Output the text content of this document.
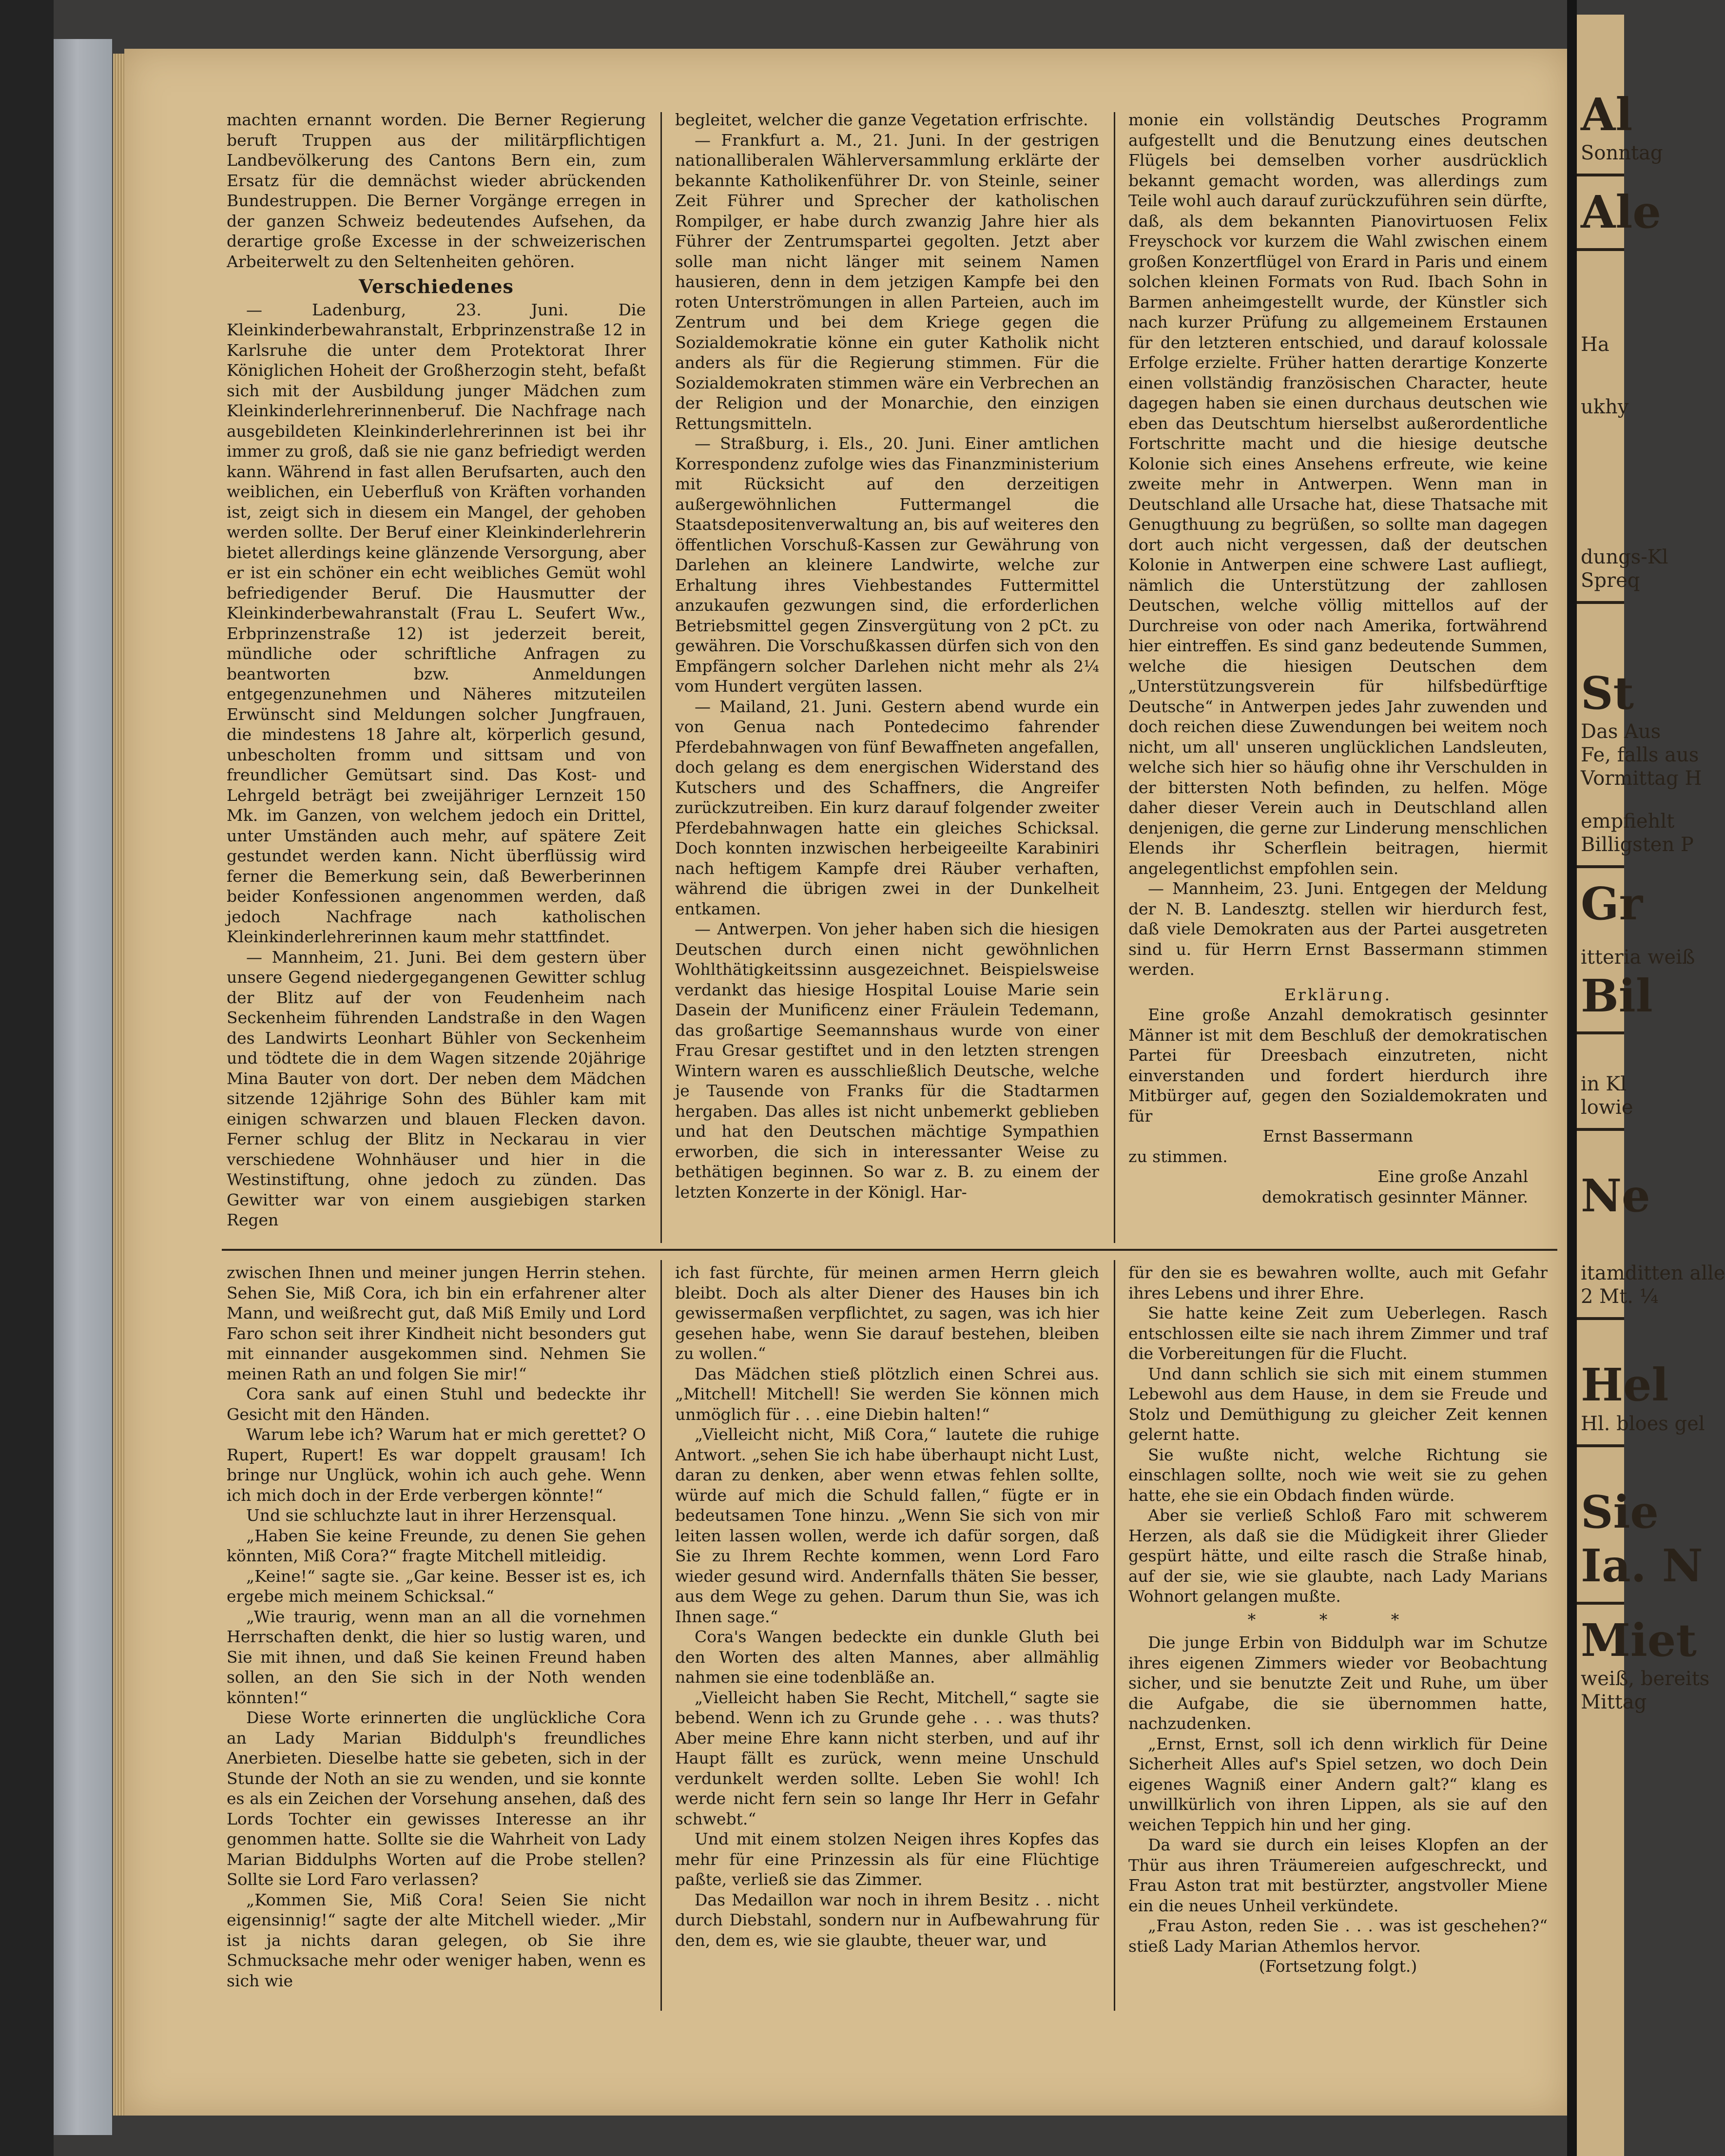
Al
Sonntag
Ale
Ha
ukhy
dungs-Kl
Spreq
St
Das Aus
Fe, falls aus
Vormittag H
empfiehlt
Billigsten P
Gr
itteria weiß
Bil
in Kl
lowie
Ne
itamditten alle
2 Mt. ¼
Hel
Hl. bloes gel
Sie
Ia. N
Miet
weiß, bereits
Mittag

machten ernannt worden. Die Berner Regierung beruft Truppen aus der militärpflichtigen Landbevölkerung des Cantons Bern ein, zum Ersatz für die demnächst wieder abrückenden Bundestruppen. Die Berner Vorgänge erregen in der ganzen Schweiz bedeutendes Aufsehen, da derartige große Excesse in der schweizerischen Arbeiterwelt zu den Seltenheiten gehören.

Verschiedenes

— Ladenburg, 23. Juni. Die Kleinkinderbewahranstalt, Erbprinzenstraße 12 in Karlsruhe die unter dem Protektorat Ihrer Königlichen Hoheit der Großherzogin steht, befaßt sich mit der Ausbildung junger Mädchen zum Kleinkinderlehrerinnenberuf. Die Nachfrage nach ausgebildeten Kleinkinderlehrerinnen ist bei ihr immer zu groß, daß sie nie ganz befriedigt werden kann. Während in fast allen Berufsarten, auch den weiblichen, ein Ueberfluß von Kräften vorhanden ist, zeigt sich in diesem ein Mangel, der gehoben werden sollte. Der Beruf einer Kleinkinderlehrerin bietet allerdings keine glänzende Versorgung, aber er ist ein schöner ein echt weibliches Gemüt wohl befriedigender Beruf. Die Hausmutter der Kleinkinderbewahranstalt (Frau L. Seufert Ww., Erbprinzenstraße 12) ist jederzeit bereit, mündliche oder schriftliche Anfragen zu beantworten bzw. Anmeldungen entgegenzunehmen und Näheres mitzuteilen Erwünscht sind Meldungen solcher Jungfrauen, die mindestens 18 Jahre alt, körperlich gesund, unbescholten fromm und sittsam und von freundlicher Gemütsart sind. Das Kost- und Lehrgeld beträgt bei zweijähriger Lernzeit 150 Mk. im Ganzen, von welchem jedoch ein Drittel, unter Umständen auch mehr, auf spätere Zeit gestundet werden kann. Nicht überflüssig wird ferner die Bemerkung sein, daß Bewerberinnen beider Konfessionen angenommen werden, daß jedoch Nachfrage nach katholischen Kleinkinderlehrerinnen kaum mehr stattfindet.

— Mannheim, 21. Juni. Bei dem gestern über unsere Gegend niedergegangenen Gewitter schlug der Blitz auf der von Feudenheim nach Seckenheim führenden Landstraße in den Wagen des Landwirts Leonhart Bühler von Seckenheim und tödtete die in dem Wagen sitzende 20jährige Mina Bauter von dort. Der neben dem Mädchen sitzende 12jährige Sohn des Bühler kam mit einigen schwarzen und blauen Flecken davon. Ferner schlug der Blitz in Neckarau in vier verschiedene Wohnhäuser und hier in die Westinstiftung, ohne jedoch zu zünden. Das Gewitter war von einem ausgiebigen starken Regen

begleitet, welcher die ganze Vegetation erfrischte.

— Frankfurt a. M., 21. Juni. In der gestrigen nationalliberalen Wählerversammlung erklärte der bekannte Katholikenführer Dr. von Steinle, seiner Zeit Führer und Sprecher der katholischen Rompilger, er habe durch zwanzig Jahre hier als Führer der Zentrumspartei gegolten. Jetzt aber solle man nicht länger mit seinem Namen hausieren, denn in dem jetzigen Kampfe bei den roten Unterströmungen in allen Parteien, auch im Zentrum und bei dem Kriege gegen die Sozialdemokratie könne ein guter Katholik nicht anders als für die Regierung stimmen. Für die Sozialdemokraten stimmen wäre ein Verbrechen an der Religion und der Monarchie, den einzigen Rettungsmitteln.

— Straßburg, i. Els., 20. Juni. Einer amtlichen Korrespondenz zufolge wies das Finanzministerium mit Rücksicht auf den derzeitigen außergewöhnlichen Futtermangel die Staatsdepositenverwaltung an, bis auf weiteres den öffentlichen Vorschuß-Kassen zur Gewährung von Darlehen an kleinere Landwirte, welche zur Erhaltung ihres Viehbestandes Futtermittel anzukaufen gezwungen sind, die erforderlichen Betriebsmittel gegen Zinsvergütung von 2 pCt. zu gewähren. Die Vorschußkassen dürfen sich von den Empfängern solcher Darlehen nicht mehr als 2¼ vom Hundert vergüten lassen.

— Mailand, 21. Juni. Gestern abend wurde ein von Genua nach Pontedecimo fahrender Pferdebahnwagen von fünf Bewaffneten angefallen, doch gelang es dem energischen Widerstand des Kutschers und des Schaffners, die Angreifer zurückzutreiben. Ein kurz darauf folgender zweiter Pferdebahnwagen hatte ein gleiches Schicksal. Doch konnten inzwischen herbeigeeilte Karabiniri nach heftigem Kampfe drei Räuber verhaften, während die übrigen zwei in der Dunkelheit entkamen.

— Antwerpen. Von jeher haben sich die hiesigen Deutschen durch einen nicht gewöhnlichen Wohlthätigkeitssinn ausgezeichnet. Beispielsweise verdankt das hiesige Hospital Louise Marie sein Dasein der Munificenz einer Fräulein Tedemann, das großartige Seemannshaus wurde von einer Frau Gresar gestiftet und in den letzten strengen Wintern waren es ausschließlich Deutsche, welche je Tausende von Franks für die Stadtarmen hergaben. Das alles ist nicht unbemerkt geblieben und hat den Deutschen mächtige Sympathien erworben, die sich in interessanter Weise zu bethätigen beginnen. So war z. B. zu einem der letzten Konzerte in der Königl. Har-

monie ein vollständig Deutsches Programm aufgestellt und die Benutzung eines deutschen Flügels bei demselben vorher ausdrücklich bekannt gemacht worden, was allerdings zum Teile wohl auch darauf zurückzuführen sein dürfte, daß, als dem bekannten Pianovirtuosen Felix Freyschock vor kurzem die Wahl zwischen einem großen Konzertflügel von Erard in Paris und einem solchen kleinen Formats von Rud. Ibach Sohn in Barmen anheimgestellt wurde, der Künstler sich nach kurzer Prüfung zu allgemeinem Erstaunen für den letzteren entschied, und darauf kolossale Erfolge erzielte. Früher hatten derartige Konzerte einen vollständig französischen Character, heute dagegen haben sie einen durchaus deutschen wie eben das Deutschtum hierselbst außerordentliche Fortschritte macht und die hiesige deutsche Kolonie sich eines Ansehens erfreute, wie keine zweite mehr in Antwerpen. Wenn man in Deutschland alle Ursache hat, diese Thatsache mit Genugthuung zu begrüßen, so sollte man dagegen dort auch nicht vergessen, daß der deutschen Kolonie in Antwerpen eine schwere Last aufliegt, nämlich die Unterstützung der zahllosen Deutschen, welche völlig mittellos auf der Durchreise von oder nach Amerika, fortwährend hier eintreffen. Es sind ganz bedeutende Summen, welche die hiesigen Deutschen dem „Unterstützungsverein für hilfsbedürftige Deutsche“ in Antwerpen jedes Jahr zuwenden und doch reichen diese Zuwendungen bei weitem noch nicht, um all' unseren unglücklichen Landsleuten, welche sich hier so häufig ohne ihr Verschulden in der bittersten Noth befinden, zu helfen. Möge daher dieser Verein auch in Deutschland allen denjenigen, die gerne zur Linderung menschlichen Elends ihr Scherflein beitragen, hiermit angelegentlichst empfohlen sein.

— Mannheim, 23. Juni. Entgegen der Meldung der N. B. Landesztg. stellen wir hierdurch fest, daß viele Demokraten aus der Partei ausgetreten sind u. für Herrn Ernst Bassermann stimmen werden.

Erklärung.

Eine große Anzahl demokratisch gesinnter Männer ist mit dem Beschluß der demokratischen Partei für Dreesbach einzutreten, nicht einverstanden und fordert hierdurch ihre Mitbürger auf, gegen den Sozialdemokraten und für

Ernst Bassermann

zu stimmen.

Eine große Anzahl

demokratisch gesinnter Männer.

zwischen Ihnen und meiner jungen Herrin stehen. Sehen Sie, Miß Cora, ich bin ein erfahrener alter Mann, und weißrecht gut, daß Miß Emily und Lord Faro schon seit ihrer Kindheit nicht besonders gut mit einnander ausgekommen sind. Nehmen Sie meinen Rath an und folgen Sie mir!“

Cora sank auf einen Stuhl und bedeckte ihr Gesicht mit den Händen.

Warum lebe ich? Warum hat er mich gerettet? O Rupert, Rupert! Es war doppelt grausam! Ich bringe nur Unglück, wohin ich auch gehe. Wenn ich mich doch in der Erde verbergen könnte!“

Und sie schluchzte laut in ihrer Herzensqual.

„Haben Sie keine Freunde, zu denen Sie gehen könnten, Miß Cora?“ fragte Mitchell mitleidig.

„Keine!“ sagte sie. „Gar keine. Besser ist es, ich ergebe mich meinem Schicksal.“

„Wie traurig, wenn man an all die vornehmen Herrschaften denkt, die hier so lustig waren, und Sie mit ihnen, und daß Sie keinen Freund haben sollen, an den Sie sich in der Noth wenden könnten!“

Diese Worte erinnerten die unglückliche Cora an Lady Marian Biddulph's freundliches Anerbieten. Dieselbe hatte sie gebeten, sich in der Stunde der Noth an sie zu wenden, und sie konnte es als ein Zeichen der Vorsehung ansehen, daß des Lords Tochter ein gewisses Interesse an ihr genommen hatte. Sollte sie die Wahrheit von Lady Marian Biddulphs Worten auf die Probe stellen? Sollte sie Lord Faro verlassen?

„Kommen Sie, Miß Cora! Seien Sie nicht eigensinnig!“ sagte der alte Mitchell wieder. „Mir ist ja nichts daran gelegen, ob Sie ihre Schmucksache mehr oder weniger haben, wenn es sich wie

ich fast fürchte, für meinen armen Herrn gleich bleibt. Doch als alter Diener des Hauses bin ich gewissermaßen verpflichtet, zu sagen, was ich hier gesehen habe, wenn Sie darauf bestehen, bleiben zu wollen.“

Das Mädchen stieß plötzlich einen Schrei aus. „Mitchell! Mitchell! Sie werden Sie können mich unmöglich für . . . eine Diebin halten!“

„Vielleicht nicht, Miß Cora,“ lautete die ruhige Antwort. „sehen Sie ich habe überhaupt nicht Lust, daran zu denken, aber wenn etwas fehlen sollte, würde auf mich die Schuld fallen,“ fügte er in bedeutsamen Tone hinzu. „Wenn Sie sich von mir leiten lassen wollen, werde ich dafür sorgen, daß Sie zu Ihrem Rechte kommen, wenn Lord Faro wieder gesund wird. Andernfalls thäten Sie besser, aus dem Wege zu gehen. Darum thun Sie, was ich Ihnen sage.“

Cora's Wangen bedeckte ein dunkle Gluth bei den Worten des alten Mannes, aber allmählig nahmen sie eine todenbläße an.

„Vielleicht haben Sie Recht, Mitchell,“ sagte sie bebend. Wenn ich zu Grunde gehe . . . was thuts? Aber meine Ehre kann nicht sterben, und auf ihr Haupt fällt es zurück, wenn meine Unschuld verdunkelt werden sollte. Leben Sie wohl! Ich werde nicht fern sein so lange Ihr Herr in Gefahr schwebt.“

Und mit einem stolzen Neigen ihres Kopfes das mehr für eine Prinzessin als für eine Flüchtige paßte, verließ sie das Zimmer.

Das Medaillon war noch in ihrem Besitz . . nicht durch Diebstahl, sondern nur in Aufbewahrung für den, dem es, wie sie glaubte, theuer war, und

für den sie es bewahren wollte, auch mit Gefahr ihres Lebens und ihrer Ehre.

Sie hatte keine Zeit zum Ueberlegen. Rasch entschlossen eilte sie nach ihrem Zimmer und traf die Vorbereitungen für die Flucht.

Und dann schlich sie sich mit einem stummen Lebewohl aus dem Hause, in dem sie Freude und Stolz und Demüthigung zu gleicher Zeit kennen gelernt hatte.

Sie wußte nicht, welche Richtung sie einschlagen sollte, noch wie weit sie zu gehen hatte, ehe sie ein Obdach finden würde.

Aber sie verließ Schloß Faro mit schwerem Herzen, als daß sie die Müdigkeit ihrer Glieder gespürt hätte, und eilte rasch die Straße hinab, auf der sie, wie sie glaubte, nach Lady Marians Wohnort gelangen mußte.

* * *

Die junge Erbin von Biddulph war im Schutze ihres eigenen Zimmers wieder vor Beobachtung sicher, und sie benutzte Zeit und Ruhe, um über die Aufgabe, die sie übernommen hatte, nachzudenken.

„Ernst, Ernst, soll ich denn wirklich für Deine Sicherheit Alles auf's Spiel setzen, wo doch Dein eigenes Wagniß einer Andern galt?“ klang es unwillkürlich von ihren Lippen, als sie auf den weichen Teppich hin und her ging.

Da ward sie durch ein leises Klopfen an der Thür aus ihren Träumereien aufgeschreckt, und Frau Aston trat mit bestürzter, angstvoller Miene ein die neues Unheil verkündete.

„Frau Aston, reden Sie . . . was ist geschehen?“ stieß Lady Marian Athemlos hervor.

(Fortsetzung folgt.)
